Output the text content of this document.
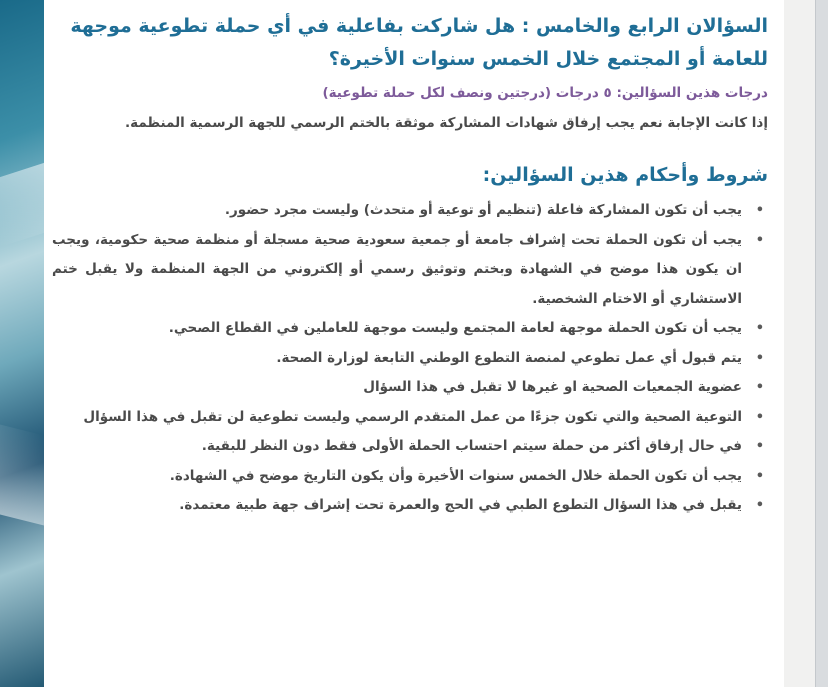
السؤالان الرابع والخامس : هل شاركت بفاعلية في أي حملة تطوعية موجهة للعامة أو المجتمع خلال الخمس سنوات الأخيرة؟

درجات هذين السؤالين: ٥ درجات (درجتين ونصف لكل حملة تطوعية)

إذا كانت الإجابة نعم يجب إرفاق شهادات المشاركة موثقة بالختم الرسمي للجهة الرسمية المنظمة.

شروط وأحكام هذين السؤالين:
•
يجب أن تكون المشاركة فاعلة (تنظيم أو توعية أو متحدث) وليست مجرد حضور.
•
يجب أن تكون الحملة تحت إشراف جامعة أو جمعية سعودية صحية مسجلة أو منظمة صحية حكومية، ويجب ان يكون هذا موضح في الشهادة وبختم وتوثيق رسمي أو إلكتروني من الجهة المنظمة ولا يقبل ختم الاستشاري أو الاختام الشخصية.
•
يجب أن تكون الحملة موجهة لعامة المجتمع وليست موجهة للعاملين في القطاع الصحي.
•
يتم قبول أي عمل تطوعي لمنصة التطوع الوطني التابعة لوزارة الصحة.
•
عضوية الجمعيات الصحية او غيرها لا تقبل في هذا السؤال
•
التوعية الصحية والتي تكون جزءًا من عمل المتقدم الرسمي وليست تطوعية لن تقبل في هذا السؤال
•
في حال إرفاق أكثر من حملة سيتم احتساب الحملة الأولى فقط دون النظر للبقية.
•
يجب أن تكون الحملة خلال الخمس سنوات الأخيرة وأن يكون التاريخ موضح في الشهادة.
•
يقبل في هذا السؤال التطوع الطبي في الحج والعمرة تحت إشراف جهة طبية معتمدة.
